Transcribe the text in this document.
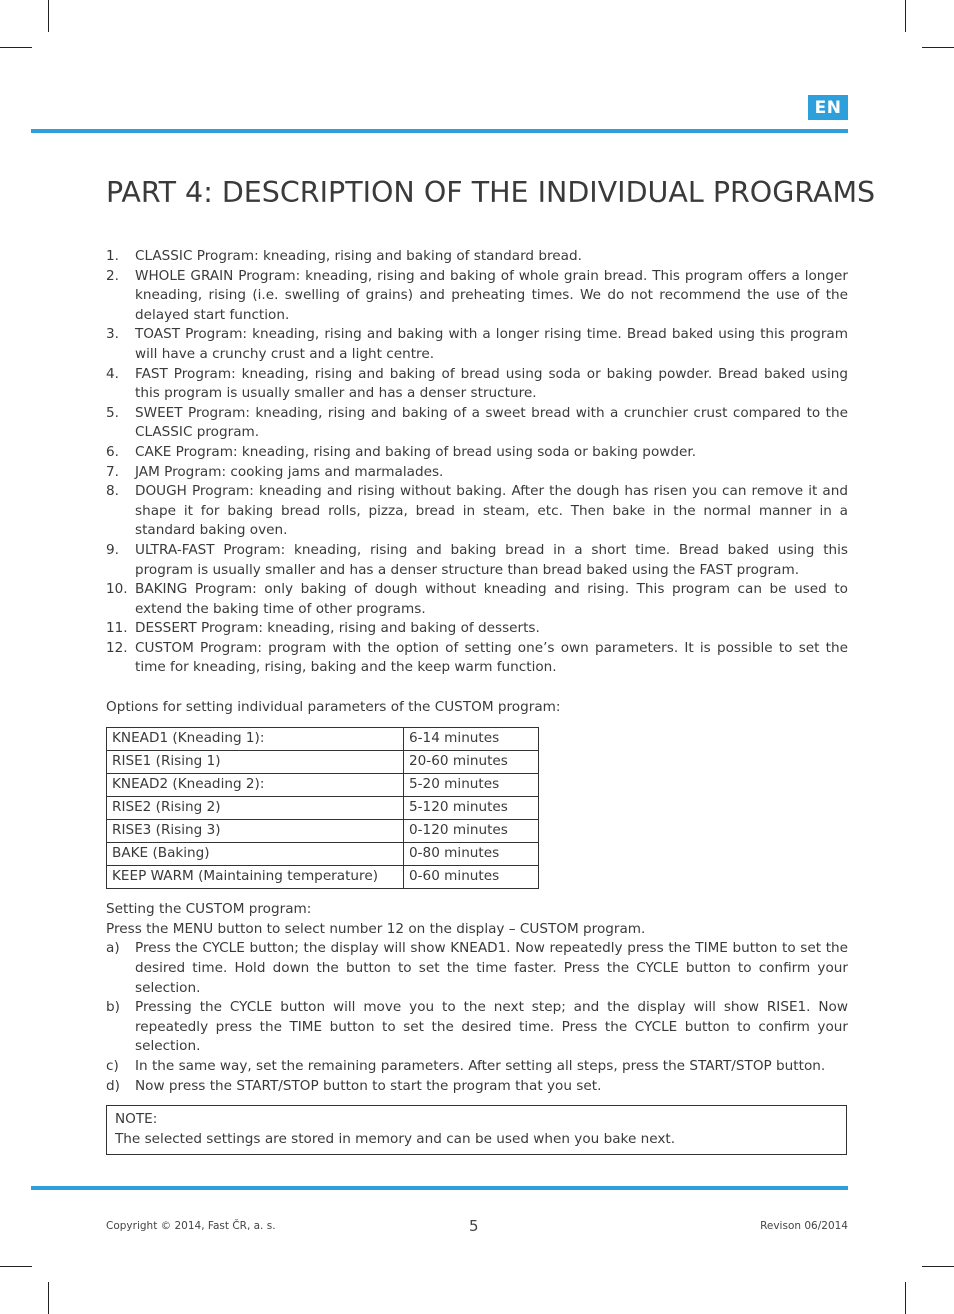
EN
PART 4: DESCRIPTION OF THE INDIVIDUAL PROGRAMS
1.	CLASSIC Program: kneading, rising and baking of standard bread.
2.	WHOLE GRAIN Program: kneading, rising and baking of whole grain bread. This program offers a longer kneading, rising (i.e. swelling of grains) and preheating times. We do not recommend the use of the delayed start function.
3.	TOAST Program: kneading, rising and baking with a longer rising time. Bread baked using this program will have a crunchy crust and a light centre.
4.	FAST Program: kneading, rising and baking of bread using soda or baking powder. Bread baked using this program is usually smaller and has a denser structure.
5.	SWEET Program: kneading, rising and baking of a sweet bread with a crunchier crust compared to the CLASSIC program.
6.	CAKE Program: kneading, rising and baking of bread using soda or baking powder.
7.	JAM Program: cooking jams and marmalades.
8.	DOUGH Program: kneading and rising without baking. After the dough has risen you can remove it and shape it for baking bread rolls, pizza, bread in steam, etc. Then bake in the normal manner in a standard baking oven.
9.	ULTRA-FAST Program: kneading, rising and baking bread in a short time. Bread baked using this program is usually smaller and has a denser structure than bread baked using the FAST program.
10. BAKING Program: only baking of dough without kneading and rising. This program can be used to extend the baking time of other programs.
11. DESSERT Program: kneading, rising and baking of desserts.
12. CUSTOM Program: program with the option of setting one’s own parameters. It is possible to set the time for kneading, rising, baking and the keep warm function.

Options for setting individual parameters of the CUSTOM program:

KNEAD1 (Kneading 1):	6-14 minutes
RISE1 (Rising 1)	20-60 minutes
KNEAD2 (Kneading 2):	5-20 minutes
RISE2 (Rising 2)	5-120 minutes
RISE3 (Rising 3)	0-120 minutes
BAKE (Baking)	0-80 minutes
KEEP WARM (Maintaining temperature)	0-60 minutes

Setting the CUSTOM program:

Press the MENU button to select number 12 on the display – CUSTOM program.

a)	Press the CYCLE button; the display will show KNEAD1. Now repeatedly press the TIME button to set the desired time. Hold down the button to set the time faster. Press the CYCLE button to confirm your selection.
b)	Pressing the CYCLE button will move you to the next step; and the display will show RISE1. Now repeatedly press the TIME button to set the desired time. Press the CYCLE button to confirm your selection.
c)	In the same way, set the remaining parameters. After setting all steps, press the START/STOP button.
d)	Now press the START/STOP button to start the program that you set.

NOTE:

The selected settings are stored in memory and can be used when you bake next.

Copyright © 2014, Fast ČR, a. s.	5	Revison 06/2014
